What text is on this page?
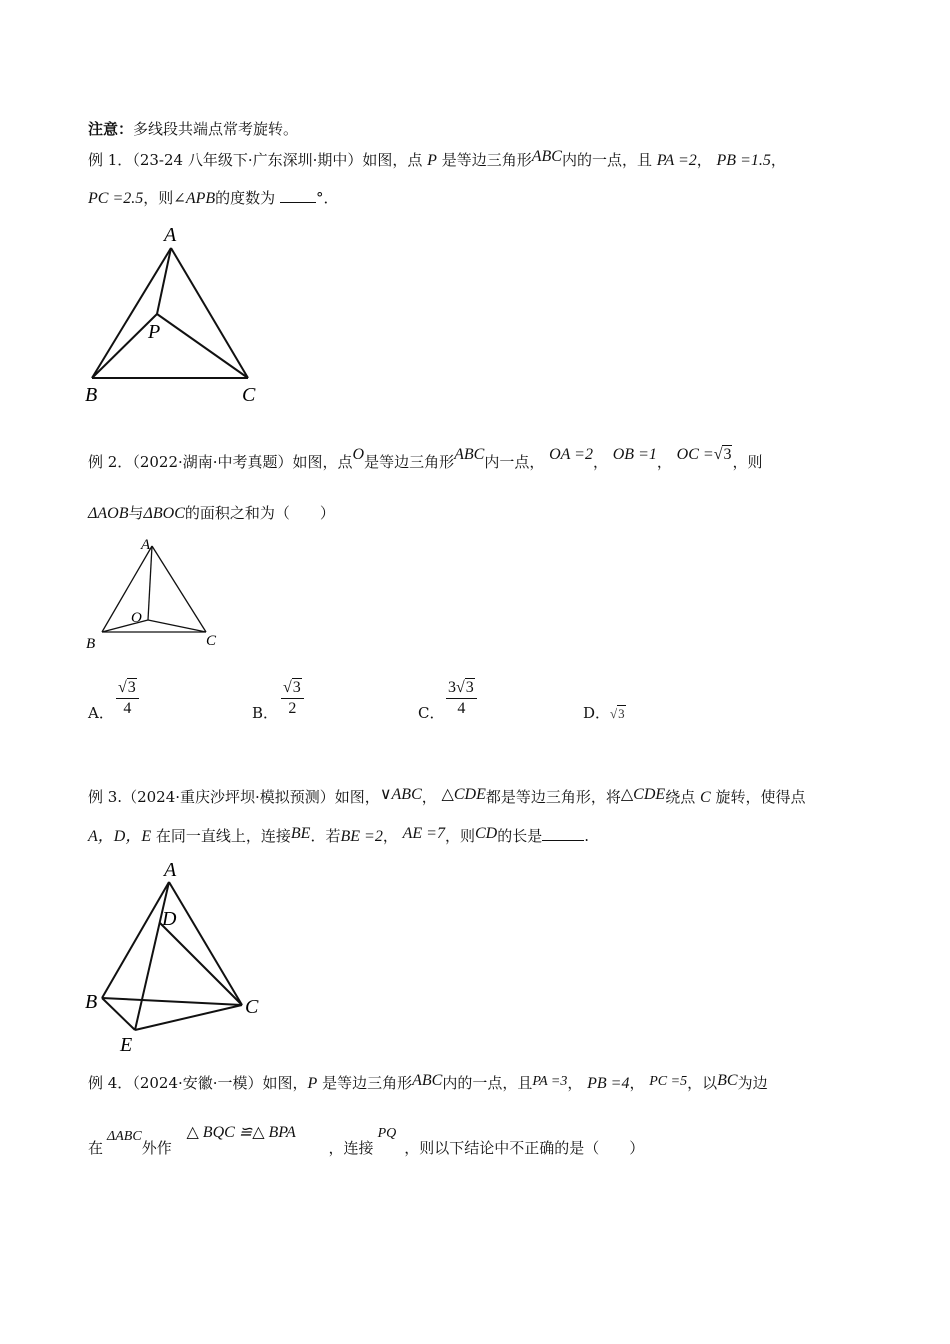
注意：多线段共端点常考旋转。
例 1．（23-24 八年级下·广东深圳·期中）如图，点 P 是等边三角形ABC内的一点，且 PA =2， PB =1.5，
PC =2.5，则∠APB的度数为	°．
A
P
B	C
例 2．（2022·湖南·中考真题）如图，点O是等边三角形ABC内一点， OA =2， OB =1， OC =√3，则
ΔAOB与ΔBOC的面积之和为（　　）
A
O
B	C
A． $\frac{√3}{4}$	B． $\frac{√3}{2}$	C． $\frac{3√3}{4}$	D．√3
例 3.（2024·重庆沙坪坝·模拟预测）如图，∨ABC， △CDE都是等边三角形，将△CDE绕点 C 旋转，使得点
A，D，E 在同一直线上，连接BE．若BE =2， AE =7，则CD的长是	.
A
D
B	C
E
例 4．（2024·安徽·一模）如图，P 是等边三角形ABC内的一点，且PA =3， PB =4， PC =5，以BC为边
在ΔABC外作 △ BQC ≌△ BPA ，连接PQ，则以下结论中不正确的是（　　）
